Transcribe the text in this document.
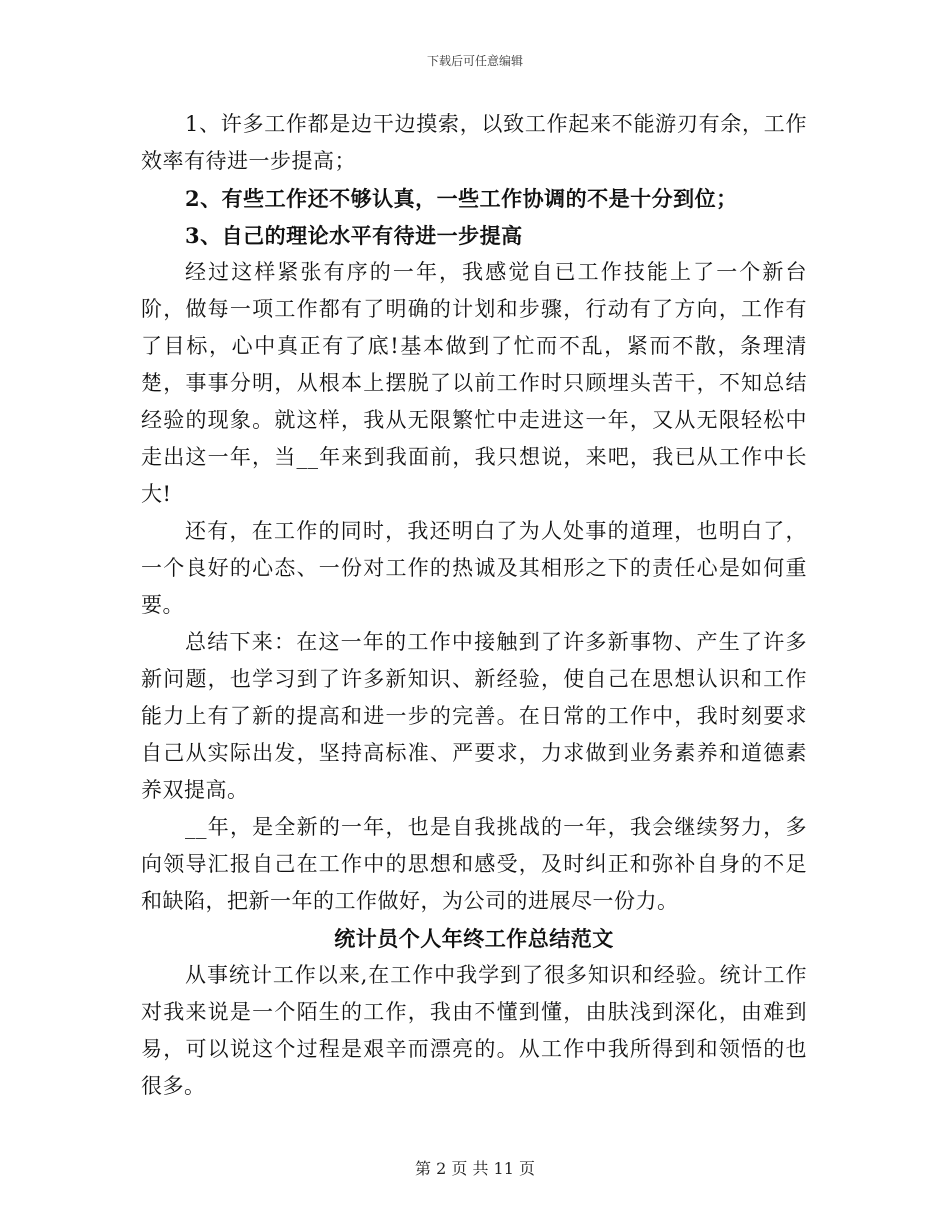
下载后可任意编辑

1、许多工作都是边干边摸索，以致工作起来不能游刃有余，工作效率有待进一步提高；

2、有些工作还不够认真，一些工作协调的不是十分到位；

3、自己的理论水平有待进一步提高

经过这样紧张有序的一年，我感觉自已工作技能上了一个新台阶，做每一项工作都有了明确的计划和步骤，行动有了方向，工作有了目标，心中真正有了底!基本做到了忙而不乱，紧而不散，条理清楚，事事分明，从根本上摆脱了以前工作时只顾埋头苦干，不知总结经验的现象。就这样，我从无限繁忙中走进这一年，又从无限轻松中走出这一年，当__年来到我面前，我只想说，来吧，我已从工作中长大!

还有，在工作的同时，我还明白了为人处事的道理，也明白了，一个良好的心态、一份对工作的热诚及其相形之下的责任心是如何重要。

总结下来：在这一年的工作中接触到了许多新事物、产生了许多新问题，也学习到了许多新知识、新经验，使自己在思想认识和工作能力上有了新的提高和进一步的完善。在日常的工作中，我时刻要求自己从实际出发，坚持高标准、严要求，力求做到业务素养和道德素养双提高。

__年，是全新的一年，也是自我挑战的一年，我会继续努力，多向领导汇报自己在工作中的思想和感受，及时纠正和弥补自身的不足和缺陷，把新一年的工作做好，为公司的进展尽一份力。

统计员个人年终工作总结范文

从事统计工作以来,在工作中我学到了很多知识和经验。统计工作对我来说是一个陌生的工作，我由不懂到懂，由肤浅到深化，由难到易，可以说这个过程是艰辛而漂亮的。从工作中我所得到和领悟的也很多。

第 2 页 共 11 页
